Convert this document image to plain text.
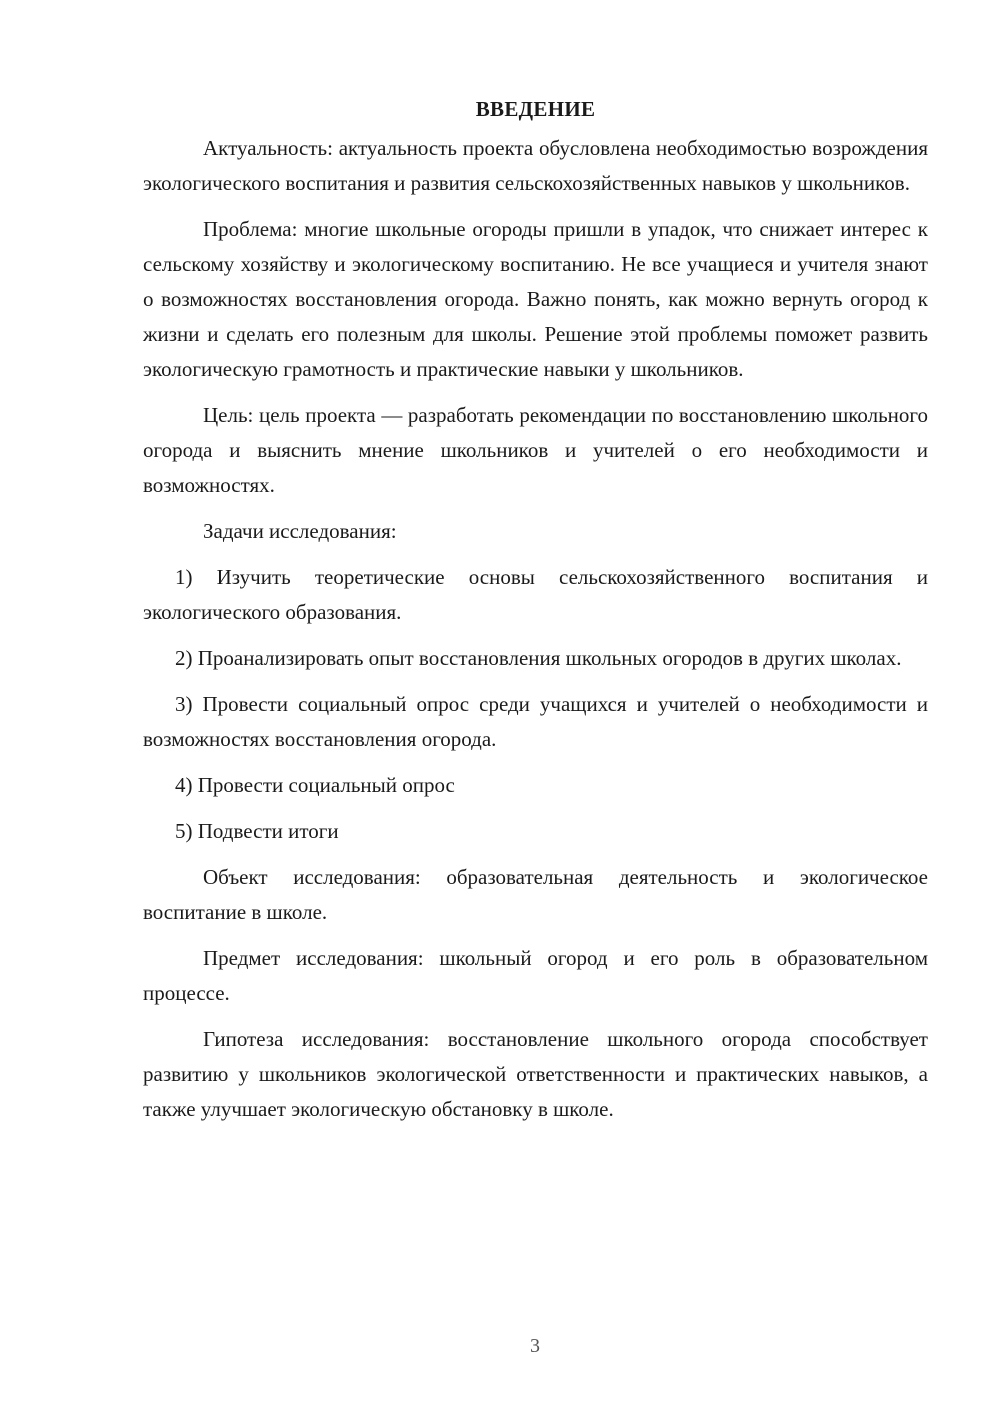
ВВЕДЕНИЕ

Актуальность: актуальность проекта обусловлена необходимостью возрождения экологического воспитания и развития сельскохозяйственных навыков у школьников.

Проблема: многие школьные огороды пришли в упадок, что снижает интерес к сельскому хозяйству и экологическому воспитанию. Не все учащиеся и учителя знают о возможностях восстановления огорода. Важно понять, как можно вернуть огород к жизни и сделать его полезным для школы. Решение этой проблемы поможет развить экологическую грамотность и практические навыки у школьников.

Цель: цель проекта — разработать рекомендации по восстановлению школьного огорода и выяснить мнение школьников и учителей о его необходимости и возможностях.

Задачи исследования:

1) Изучить теоретические основы сельскохозяйственного воспитания и экологического образования.

2) Проанализировать опыт восстановления школьных огородов в других школах.

3) Провести социальный опрос среди учащихся и учителей о необходимости и возможностях восстановления огорода.

4) Провести социальный опрос

5) Подвести итоги

Объект исследования: образовательная деятельность и экологическое воспитание в школе.

Предмет исследования: школьный огород и его роль в образовательном процессе.

Гипотеза исследования: восстановление школьного огорода способствует развитию у школьников экологической ответственности и практических навыков, а также улучшает экологическую обстановку в школе.

3
